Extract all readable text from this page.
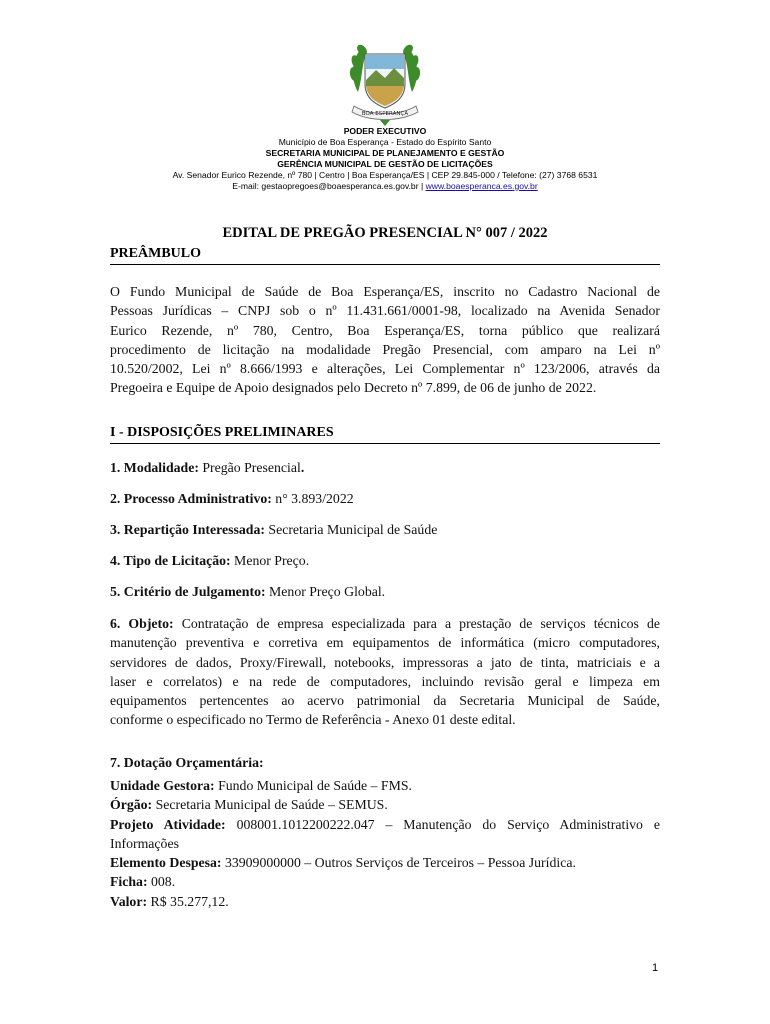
BOA ESPERANÇA
PODER EXECUTIVO
Município de Boa Esperança - Estado do Espírito Santo
SECRETARIA MUNICIPAL DE PLANEJAMENTO E GESTÃO
GERÊNCIA MUNICIPAL DE GESTÃO DE LICITAÇÕES
Av. Senador Eurico Rezende, nº 780 | Centro | Boa Esperança/ES | CEP 29.845-000 / Telefone: (27) 3768 6531
E-mail: gestaopregoes@boaesperanca.es.gov.br | www.boaesperanca.es.gov.br
EDITAL DE PREGÃO PRESENCIAL N° 007 / 2022
PREÂMBULO
O Fundo Municipal de Saúde de Boa Esperança/ES, inscrito no Cadastro Nacional de
Pessoas Jurídicas – CNPJ sob o nº 11.431.661/0001-98, localizado na Avenida Senador
Eurico Rezende, nº 780, Centro, Boa Esperança/ES, torna público que realizará
procedimento de licitação na modalidade Pregão Presencial, com amparo na Lei nº
10.520/2002, Lei nº 8.666/1993 e alterações, Lei Complementar nº 123/2006, através da
Pregoeira e Equipe de Apoio designados pelo Decreto nº 7.899, de 06 de junho de 2022.
I - DISPOSIÇÕES PRELIMINARES
1. Modalidade: Pregão Presencial.
2. Processo Administrativo: n° 3.893/2022
3. Repartição Interessada: Secretaria Municipal de Saúde
4. Tipo de Licitação: Menor Preço.
5. Critério de Julgamento: Menor Preço Global.
6. Objeto: Contratação de empresa especializada para a prestação de serviços técnicos de
manutenção preventiva e corretiva em equipamentos de informática (micro computadores,
servidores de dados, Proxy/Firewall, notebooks, impressoras a jato de tinta, matriciais e a
laser e correlatos) e na rede de computadores, incluindo revisão geral e limpeza em
equipamentos pertencentes ao acervo patrimonial da Secretaria Municipal de Saúde,
conforme o especificado no Termo de Referência - Anexo 01 deste edital.
7. Dotação Orçamentária:
Unidade Gestora: Fundo Municipal de Saúde – FMS.
Órgão: Secretaria Municipal de Saúde – SEMUS.
Projeto Atividade: 008001.1012200222.047 – Manutenção do Serviço Administrativo e
Informações
Elemento Despesa: 33909000000 – Outros Serviços de Terceiros – Pessoa Jurídica.
Ficha: 008.
Valor: R$ 35.277,12.
1
